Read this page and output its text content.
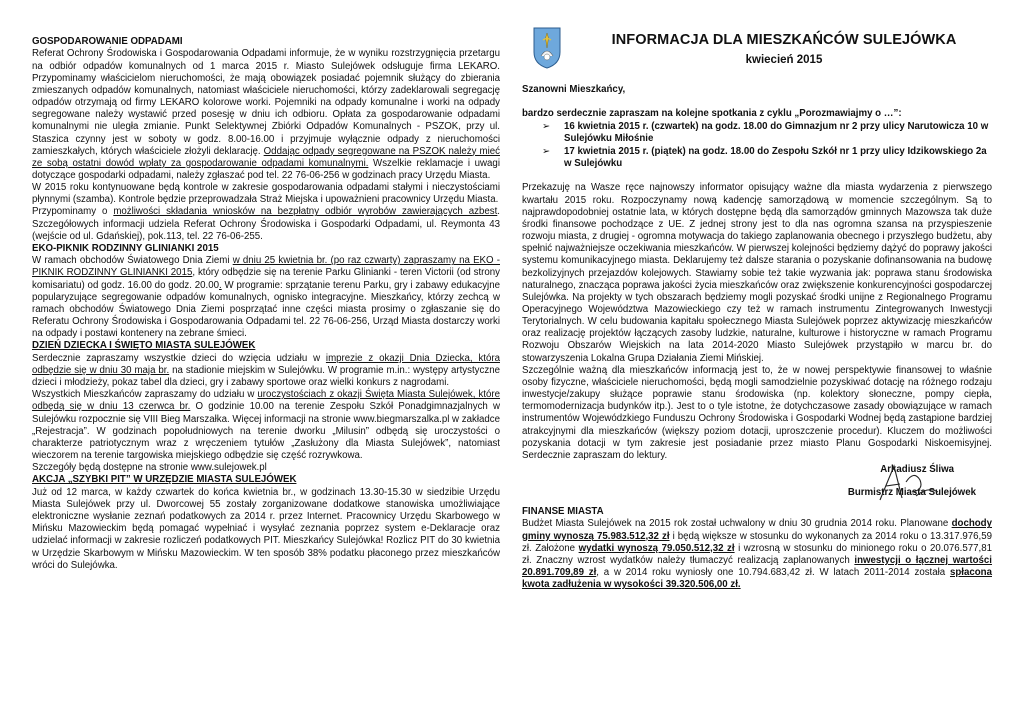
INFORMACJA DLA MIESZKAŃCÓW SULEJÓWKA
kwiecień 2015

GOSPODAROWANIE ODPADAMI

Referat Ochrony Środowiska i Gospodarowania Odpadami informuje, że w wyniku rozstrzygnięcia przetargu na odbiór odpadów komunalnych od 1 marca 2015 r. Miasto Sulejówek odsługuje firma LEKARO. Przypominamy właścicielom nieruchomości, że mają obowiązek posiadać pojemnik służący do zbierania zmieszanych odpadów komunalnych, natomiast właściciele nieruchomości, którzy zadeklarowali segregację odpadów otrzymają od firmy LEKARO kolorowe worki. Pojemniki na odpady komunalne i worki na odpady segregowane należy wystawić przed posesję w dniu ich odbioru. Opłata za gospodarowanie odpadami komunalnymi nie uległa zmianie. Punkt Selektywnej Zbiórki Odpadów Komunalnych - PSZOK, przy ul. Staszica czynny jest w soboty w godz. 8.00-16.00 i przyjmuje wyłącznie odpady z nieruchomości zamieszkałych, których właściciele złożyli deklarację. Oddając odpady segregowane na PSZOK należy mieć ze sobą ostatni dowód wpłaty za gospodarowanie odpadami komunalnymi. Wszelkie reklamacje i uwagi dotyczące gospodarki odpadami, należy zgłaszać pod tel. 22 76-06-256 w godzinach pracy Urzędu Miasta.

W 2015 roku kontynuowane będą kontrole w zakresie gospodarowania odpadami stałymi i nieczystościami płynnymi (szamba). Kontrole będzie przeprowadzała Straż Miejska i upoważnieni pracownicy Urzędu Miasta.

Przypominamy o możliwości składania wniosków na bezpłatny odbiór wyrobów zawierających azbest. Szczegółowych informacji udziela Referat Ochrony Środowiska i Gospodarki Odpadami, ul. Reymonta 43 (wejście od ul. Gdańskiej), pok.113, tel. 22 76-06-255.

EKO-PIKNIK RODZINNY GLINIANKI 2015

W ramach obchodów Światowego Dnia Ziemi w dniu 25 kwietnia br. (po raz czwarty) zapraszamy na EKO -PIKNIK RODZINNY GLINIANKI 2015, który odbędzie się na terenie Parku Glinianki - teren Victorii (od strony komisariatu) od godz. 16.00 do godz. 20.00. W programie: sprzątanie terenu Parku, gry i zabawy edukacyjne popularyzujące segregowanie odpadów komunalnych, ognisko integracyjne. Mieszkańcy, którzy zechcą w ramach obchodów Światowego Dnia Ziemi posprzątać inne części miasta prosimy o zgłaszanie się do Referatu Ochrony Środowiska i Gospodarowania Odpadami tel. 22 76-06-256, Urząd Miasta dostarczy worki na odpady i postawi kontenery na zebrane śmieci.

DZIEŃ DZIECKA I ŚWIĘTO MIASTA SULEJÓWEK

Serdecznie zapraszamy wszystkie dzieci do wzięcia udziału w imprezie z okazji Dnia Dziecka, która odbędzie się w dniu 30 maja br. na stadionie miejskim w Sulejówku. W programie m.in.: występy artystyczne dzieci i młodzieży, pokaz tabel dla dzieci, gry i zabawy sportowe oraz wielki konkurs z nagrodami.

Wszystkich Mieszkańców zapraszamy do udziału w uroczystościach z okazji Święta Miasta Sulejówek, które odbędą się w dniu 13 czerwca br. O godzinie 10.00 na terenie Zespołu Szkół Ponadgimnazjalnych w Sulejówku rozpocznie się VIII Bieg Marszałka. Więcej informacji na stronie www.biegmarszalka.pl w zakładce „Rejestracja”. W godzinach popołudniowych na terenie dworku „Milusin” odbędą się uroczystości o charakterze patriotycznym wraz z wręczeniem tytułów „Zasłużony dla Miasta Sulejówek”, natomiast wieczorem na terenie targowiska miejskiego odbędzie się część rozrywkowa.

Szczegóły będą dostępne na stronie www.sulejowek.pl

AKCJA „SZYBKI PIT” W URZĘDZIE MIASTA SULEJÓWEK

Już od 12 marca, w każdy czwartek do końca kwietnia br., w godzinach 13.30-15.30 w siedzibie Urzędu Miasta Sulejówek przy ul. Dworcowej 55 zostały zorganizowane dodatkowe stanowiska umożliwiające elektroniczne wysłanie zeznań podatkowych za 2014 r. przez Internet. Pracownicy Urzędu Skarbowego w Mińsku Mazowieckim będą pomagać wypełniać i wysyłać zeznania poprzez system e-Deklaracje oraz udzielać informacji w zakresie rozliczeń podatkowych PIT. Mieszkańcy Sulejówka! Rozlicz PIT do 30 kwietnia w Urzędzie Skarbowym w Mińsku Mazowieckim. W ten sposób 38% podatku płaconego przez mieszkańców wróci do Sulejówka.

Szanowni Mieszkańcy,

bardzo serdecznie zapraszam na kolejne spotkania z cyklu „Porozmawiajmy o …”:

➢ 16 kwietnia 2015 r. (czwartek) na godz. 18.00 do Gimnazjum nr 2 przy ulicy Narutowicza 10 w Sulejówku Miłośnie
➢ 17 kwietnia 2015 r. (piątek) na godz. 18.00 do Zespołu Szkół nr 1 przy ulicy Idzikowskiego 2a w Sulejówku

Przekazuję na Wasze ręce najnowszy informator opisujący ważne dla miasta wydarzenia z pierwszego kwartału 2015 roku. Rozpoczynamy nową kadencję samorządową w momencie szczególnym. Są to najprawdopodobniej ostatnie lata, w których dostępne będą dla samorządów gminnych Mazowsza tak duże środki finansowe pochodzące z UE. Z jednej strony jest to dla nas ogromna szansa na przyspieszenie rozwoju miasta, z drugiej - ogromna motywacja do takiego zaplanowania obecnego i przyszłego budżetu, aby spełnić najważniejsze oczekiwania mieszkańców. W pierwszej kolejności będziemy dążyć do poprawy jakości systemu komunikacyjnego miasta. Deklarujemy też dalsze starania o pozyskanie dofinansowania na budowę bezkolizyjnych przejazdów kolejowych. Stawiamy sobie też takie wyzwania jak: poprawa stanu środowiska naturalnego, znacząca poprawa jakości życia mieszkańców oraz zwiększenie konkurencyjności gospodarczej Sulejówka. Na projekty w tych obszarach będziemy mogli pozyskać środki unijne z Regionalnego Programu Operacyjnego Województwa Mazowieckiego czy też w ramach instrumentu Zintegrowanych Inwestycji Terytorialnych. W celu budowania kapitału społecznego Miasta Sulejówek poprzez aktywizację mieszkańców oraz realizację projektów łączących zasoby ludzkie, naturalne, kulturowe i historyczne w ramach Programu Rozwoju Obszarów Wiejskich na lata 2014-2020 Miasto Sulejówek przystąpiło w marcu br. do stowarzyszenia Lokalna Grupa Działania Ziemi Mińskiej.

Szczególnie ważną dla mieszkańców informacją jest to, że w nowej perspektywie finansowej to właśnie osoby fizyczne, właściciele nieruchomości, będą mogli samodzielnie pozyskiwać dotację na różnego rodzaju inwestycje/zakupy służące poprawie stanu środowiska (np. kolektory słoneczne, pompy ciepła, termomodernizacja budynków itp.). Jest to o tyle istotne, że dotychczasowe zasady obowiązujące w ramach instrumentów Wojewódzkiego Funduszu Ochrony Środowiska i Gospodarki Wodnej będą zastąpione bardziej atrakcyjnymi dla mieszkańców (większy poziom dotacji, uproszczenie procedur). Kluczem do możliwości pozyskania dotacji w tym zakresie jest posiadanie przez miasto Planu Gospodarki Niskoemisyjnej. Serdecznie zapraszam do lektury.

Arkadiusz Śliwa

Burmistrz Miasta Sulejówek

FINANSE MIASTA

Budżet Miasta Sulejówek na 2015 rok został uchwalony w dniu 30 grudnia 2014 roku. Planowane dochody gminy wynoszą 75.983.512,32 zł i będą większe w stosunku do wykonanych za 2014 roku o 13.317.976,59 zł. Założone wydatki wynoszą 79.050.512,32 zł i wzrosną w stosunku do minionego roku o 20.076.577,81 zł. Znaczny wzrost wydatków należy tłumaczyć realizacją zaplanowanych inwestycji o łącznej wartości 20.891.709,89 zł, a w 2014 roku wyniosły one 10.794.683,42 zł. W latach 2011-2014 została spłacona kwota zadłużenia w wysokości 39.320.506,00 zł.
